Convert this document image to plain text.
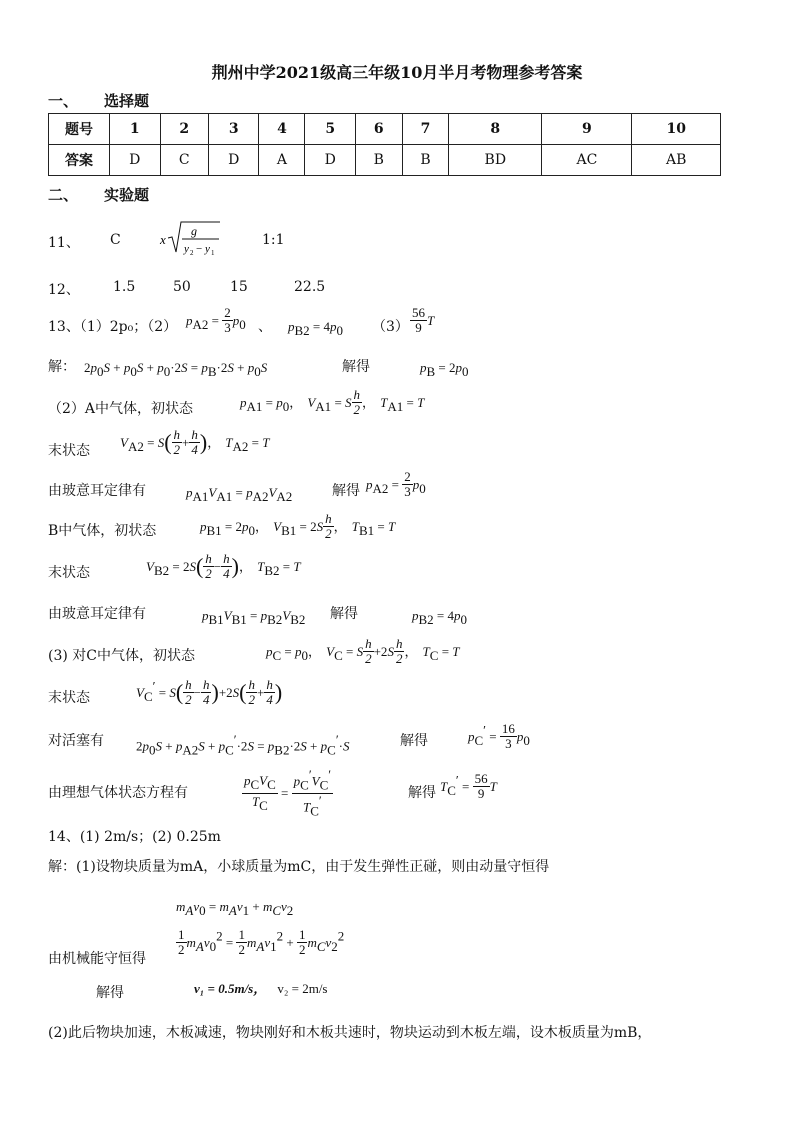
荆州中学2021级高三年级10月半月考物理参考答案
一、 选择题
题号	1	2	3	4	5	6	7	8	9	10
答案	D	C	D	A	D	B	B	BD	AC	AB
二、 实验题
11、 C	x
g
y 2 − y 1
1:1
12、 1.5	50	15	22.5
13、（1）2p₀；（2） $p_{A2} = \frac{2}{3} p_0$ 、 $p_{B2} = 4p_0$ $(3) \frac{56}{9}$ T
解： $2p_0S + p_0S + p_0\cdot 2S = p_B\cdot 2S + p_0S$	解得	$p_B = 2p_0$
（2）A中气体，初状态	$p_{A1} = p_0$， $V_{A1} = S \frac{h}{2}$ ， $T_{A1} = T$
末状态
$V_{A2} = S( \frac{h}{2} + \frac{h}{4}$ )， $T_{A2} = T$
由玻意耳定律有	$p_{A1}V_{A1} = p_{A2}V_{A2}$	解得 $p_{A2} = \frac{2}{3} p_0$
B中气体，初状态	$p_{B1} = 2p_0$， $V_{B1} = 2S \frac{h}{2}$ ， $T_{B1} = T$
末状态	$V_{B2} = 2S( \frac{h}{2} - \frac{h}{4}$ )， $T_{B2} = T$
由玻意耳定律有	$p_{B1}V_{B1} = p_{B2}V_{B2}$ 解得	$p_{B2} = 4p_0$
(3) 对C中气体，初状态	$p_C = p_0$， $V_C = S \frac{h}{2} +2S \frac{h}{2}$ ， $T_C = T$
末状态	$V_C' = S( \frac{h}{2} - \frac{h}{4} )+2S( \frac{h}{2} + \frac{h}{4}$ )
对活塞有 $2p_0S + p_{A2}S + p_C'\cdot 2S = p_{B2}\cdot 2S + p_C'\cdot S$	解得	$p_C' = \frac{16}{3} p_0$
由理想气体状态方程有	$\frac{p_CV_C}{T_C} = \frac{p_C'V_C'}{T_C'}$	解得 $T_C' = \frac{56}{9}$ T
14、(1) 2m/s；(2) 0.25m
解：(1)设物块质量为mA，小球质量为mC，由于发生弹性正碰，则由动量守恒得
$m_Av_0 = m_Av_1 + m_Cv_2$
$\frac{1}{2} m_Av_0^2 = \frac{1}{2} m_Av_1^2 + \frac{1}{2} m_Cv_2^2$
由机械能守恒得
解得	v₁ = 0.5m/s， v₂ = 2m/s
(2)此后物块加速，木板减速，物块刚好和木板共速时，物块运动到木板左端，设木板质量为mB，
